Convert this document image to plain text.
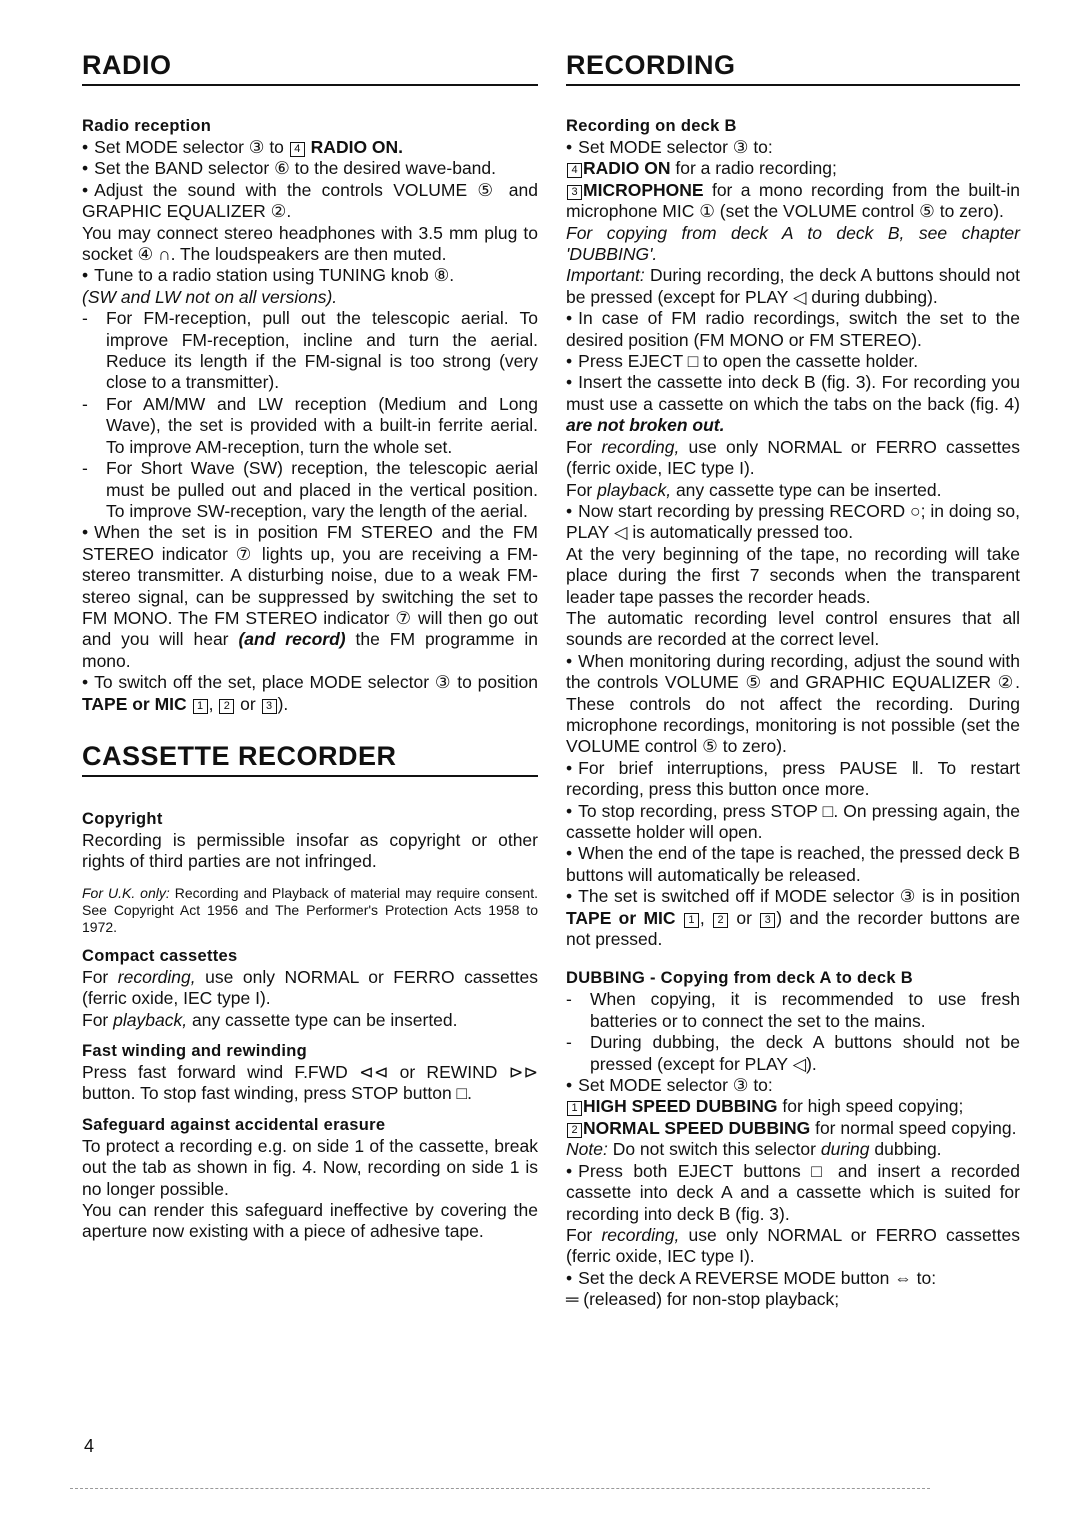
RADIO
Radio reception

• Set MODE selector ③ to 4 RADIO ON.

• Set the BAND selector ⑥ to the desired wave-band.

• Adjust the sound with the controls VOLUME ⑤ and GRAPHIC EQUALIZER ②.

You may connect stereo headphones with 3.5 mm plug to socket ④ ∩. The loudspeakers are then muted.

• Tune to a radio station using TUNING knob ⑧.

(SW and LW not on all versions).

- For FM-reception, pull out the telescopic aerial. To improve FM-reception, incline and turn the aerial. Reduce its length if the FM-signal is too strong (very close to a transmitter).

- For AM/MW and LW reception (Medium and Long Wave), the set is provided with a built-in ferrite aerial. To improve AM-reception, turn the whole set.

- For Short Wave (SW) reception, the telescopic aerial must be pulled out and placed in the vertical position. To improve SW-reception, vary the length of the aerial.

• When the set is in position FM STEREO and the FM STEREO indicator ⑦ lights up, you are receiving a FM-stereo transmitter. A disturbing noise, due to a weak FM-stereo signal, can be suppressed by switching the set to FM MONO. The FM STEREO indicator ⑦ will then go out and you will hear (and record) the FM programme in mono.

• To switch off the set, place MODE selector ③ to position TAPE or MIC 1 , 2 or 3 ).

CASSETTE RECORDER
Copyright

Recording is permissible insofar as copyright or other rights of third parties are not infringed.

For U.K. only: Recording and Playback of material may require consent. See Copyright Act 1956 and The Performer's Protection Acts 1958 to 1972.

Compact cassettes

For recording, use only NORMAL or FERRO cassettes (ferric oxide, IEC type I).

For playback, any cassette type can be inserted.

Fast winding and rewinding

Press fast forward wind F.FWD ⊲⊲ or REWIND ⊳⊳ button. To stop fast winding, press STOP button □.

Safeguard against accidental erasure

To protect a recording e.g. on side 1 of the cassette, break out the tab as shown in fig. 4. Now, recording on side 1 is no longer possible.

You can render this safeguard ineffective by covering the aperture now existing with a piece of adhesive tape.

RECORDING
Recording on deck B

• Set MODE selector ③ to:

4 RADIO ON for a radio recording;

3 MICROPHONE for a mono recording from the built-in microphone MIC ① (set the VOLUME control ⑤ to zero).

For copying from deck A to deck B, see chapter 'DUBBING'.

Important: During recording, the deck A buttons should not be pressed (except for PLAY ◁ during dubbing).

• In case of FM radio recordings, switch the set to the desired position (FM MONO or FM STEREO).

• Press EJECT □ to open the cassette holder.

• Insert the cassette into deck B (fig. 3). For recording you must use a cassette on which the tabs on the back (fig. 4) are not broken out.

For recording, use only NORMAL or FERRO cassettes (ferric oxide, IEC type I).

For playback, any cassette type can be inserted.

• Now start recording by pressing RECORD ○; in doing so, PLAY ◁ is automatically pressed too.

At the very beginning of the tape, no recording will take place during the first 7 seconds when the transparent leader tape passes the recorder heads.

The automatic recording level control ensures that all sounds are recorded at the correct level.

• When monitoring during recording, adjust the sound with the controls VOLUME ⑤ and GRAPHIC EQUALIZER ②. These controls do not affect the recording. During microphone recordings, monitoring is not possible (set the VOLUME control ⑤ to zero).

• For brief interruptions, press PAUSE ‖. To restart recording, press this button once more.

• To stop recording, press STOP □. On pressing again, the cassette holder will open.

• When the end of the tape is reached, the pressed deck B buttons will automatically be released.

• The set is switched off if MODE selector ③ is in position TAPE or MIC 1 , 2 or 3 ) and the recorder buttons are not pressed.

DUBBING - Copying from deck A to deck B

- When copying, it is recommended to use fresh batteries or to connect the set to the mains.

- During dubbing, the deck A buttons should not be pressed (except for PLAY ◁).

• Set MODE selector ③ to:

1 HIGH SPEED DUBBING for high speed copying;

2 NORMAL SPEED DUBBING for normal speed copying.

Note: Do not switch this selector during dubbing.

• Press both EJECT buttons □ and insert a recorded cassette into deck A and a cassette which is suited for recording into deck B (fig. 3).

For recording, use only NORMAL or FERRO cassettes (ferric oxide, IEC type I).

• Set the deck A REVERSE MODE button ⇔ to:

═ (released) for non-stop playback;

4
